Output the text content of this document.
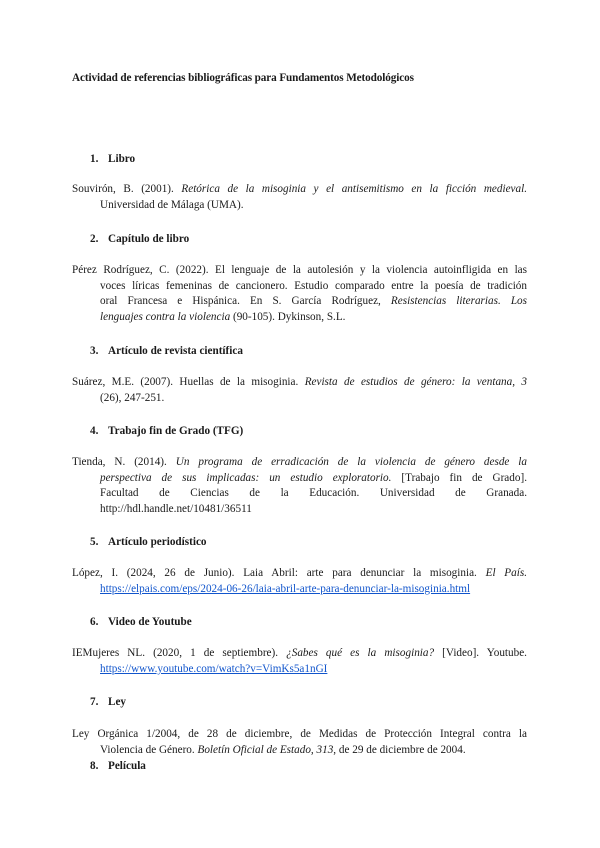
Actividad de referencias bibliográficas para Fundamentos Metodológicos
1. Libro
Souvirón, B. (2001). Retórica de la misoginia y el antisemitismo en la ficción medieval.
Universidad de Málaga (UMA).
2. Capítulo de libro
Pérez Rodríguez, C. (2022). El lenguaje de la autolesión y la violencia autoinfligida en las
voces líricas femeninas de cancionero. Estudio comparado entre la poesía de tradición
oral Francesa e Hispánica. En S. García Rodríguez, Resistencias literarias. Los
lenguajes contra la violencia (90-105). Dykinson, S.L.
3. Artículo de revista científica
Suárez, M.E. (2007). Huellas de la misoginia. Revista de estudios de género: la ventana, 3
(26), 247-251.
4. Trabajo fin de Grado (TFG)
Tienda, N. (2014). Un programa de erradicación de la violencia de género desde la
perspectiva de sus implicadas: un estudio exploratorio. [Trabajo fin de Grado].
Facultad de Ciencias de la Educación. Universidad de Granada.
http://hdl.handle.net/10481/36511
5. Artículo periodístico
López, I. (2024, 26 de Junio). Laia Abril: arte para denunciar la misoginia. El País.
https://elpais.com/eps/2024-06-26/laia-abril-arte-para-denunciar-la-misoginia.html
6. Video de Youtube
IEMujeres NL. (2020, 1 de septiembre). ¿Sabes qué es la misoginia? [Video]. Youtube.
https://www.youtube.com/watch?v=VimKs5a1nGI
7. Ley
Ley Orgánica 1/2004, de 28 de diciembre, de Medidas de Protección Integral contra la
Violencia de Género. Boletín Oficial de Estado, 313, de 29 de diciembre de 2004.
8. Película
